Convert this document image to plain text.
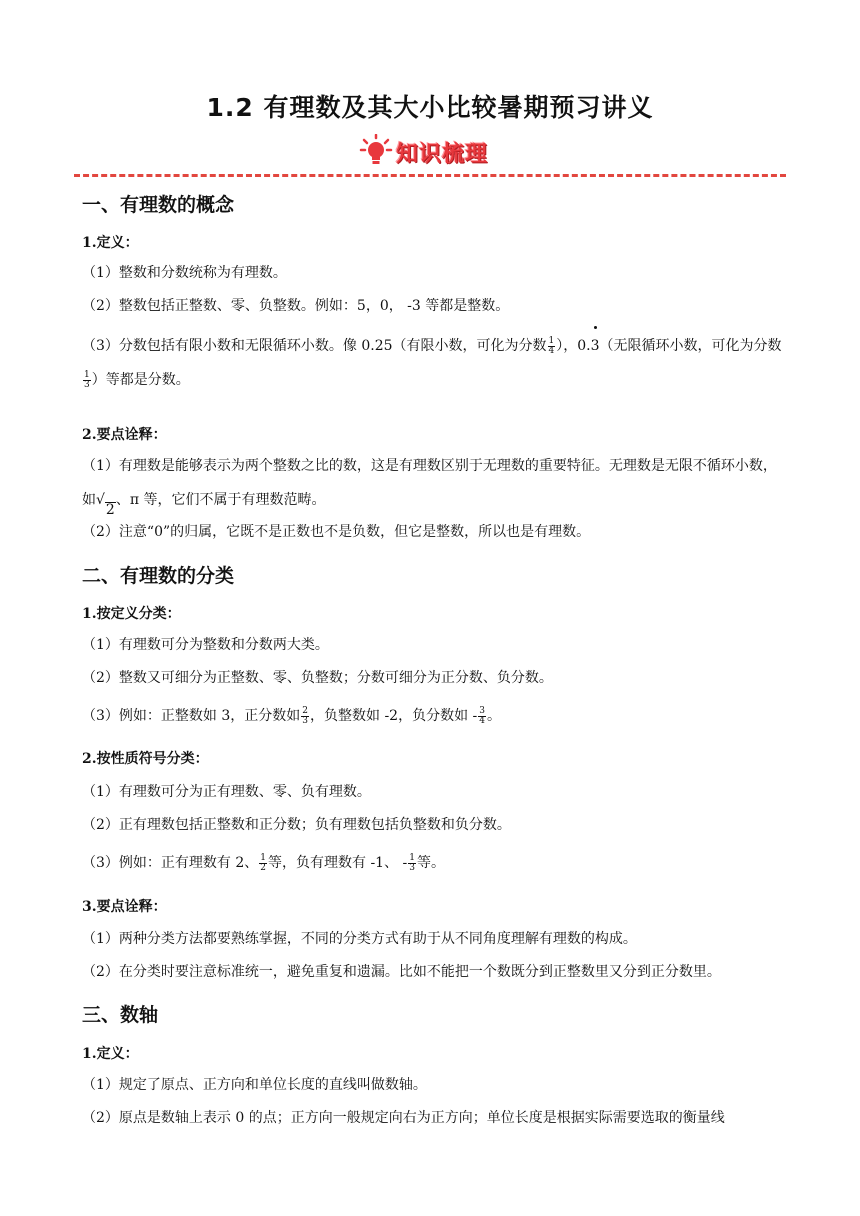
1.2 有理数及其大小比较暑期预习讲义
知识梳理
一、有理数的概念
1.定义：
（1）整数和分数统称为有理数。
（2）整数包括正整数、零、负整数。例如：5，0， -3 等都是整数。
（3）分数包括有限小数和无限循环小数。像 0.25（有限小数，可化为分数 $\frac{1}{4}$ ），0.3（无限循环小数，可化为分数
$\frac{1}{3}$ ）等都是分数。
2.要点诠释：
（1）有理数是能够表示为两个整数之比的数，这是有理数区别于无理数的重要特征。无理数是无限不循环小数，如√
2
、π 等，它们不属于有理数范畴。
（2）注意“0”的归属，它既不是正数也不是负数，但它是整数，所以也是有理数。
二、有理数的分类
1.按定义分类：
（1）有理数可分为整数和分数两大类。
（2）整数又可细分为正整数、零、负整数；分数可细分为正分数、负分数。
（3）例如：正整数如 3，正分数如 $\frac{2}{3}$ ，负整数如 -2，负分数如 - $\frac{3}{4}$ 。
2.按性质符号分类：
（1）有理数可分为正有理数、零、负有理数。
（2）正有理数包括正整数和正分数；负有理数包括负整数和负分数。
（3）例如：正有理数有 2、 $\frac{1}{2}$ 等，负有理数有 -1、 - $\frac{1}{3}$ 等。
3.要点诠释：
（1）两种分类方法都要熟练掌握，不同的分类方式有助于从不同角度理解有理数的构成。
（2）在分类时要注意标准统一，避免重复和遗漏。比如不能把一个数既分到正整数里又分到正分数里。
三、数轴
1.定义：
（1）规定了原点、正方向和单位长度的直线叫做数轴。
（2）原点是数轴上表示 0 的点；正方向一般规定向右为正方向；单位长度是根据实际需要选取的衡量线
